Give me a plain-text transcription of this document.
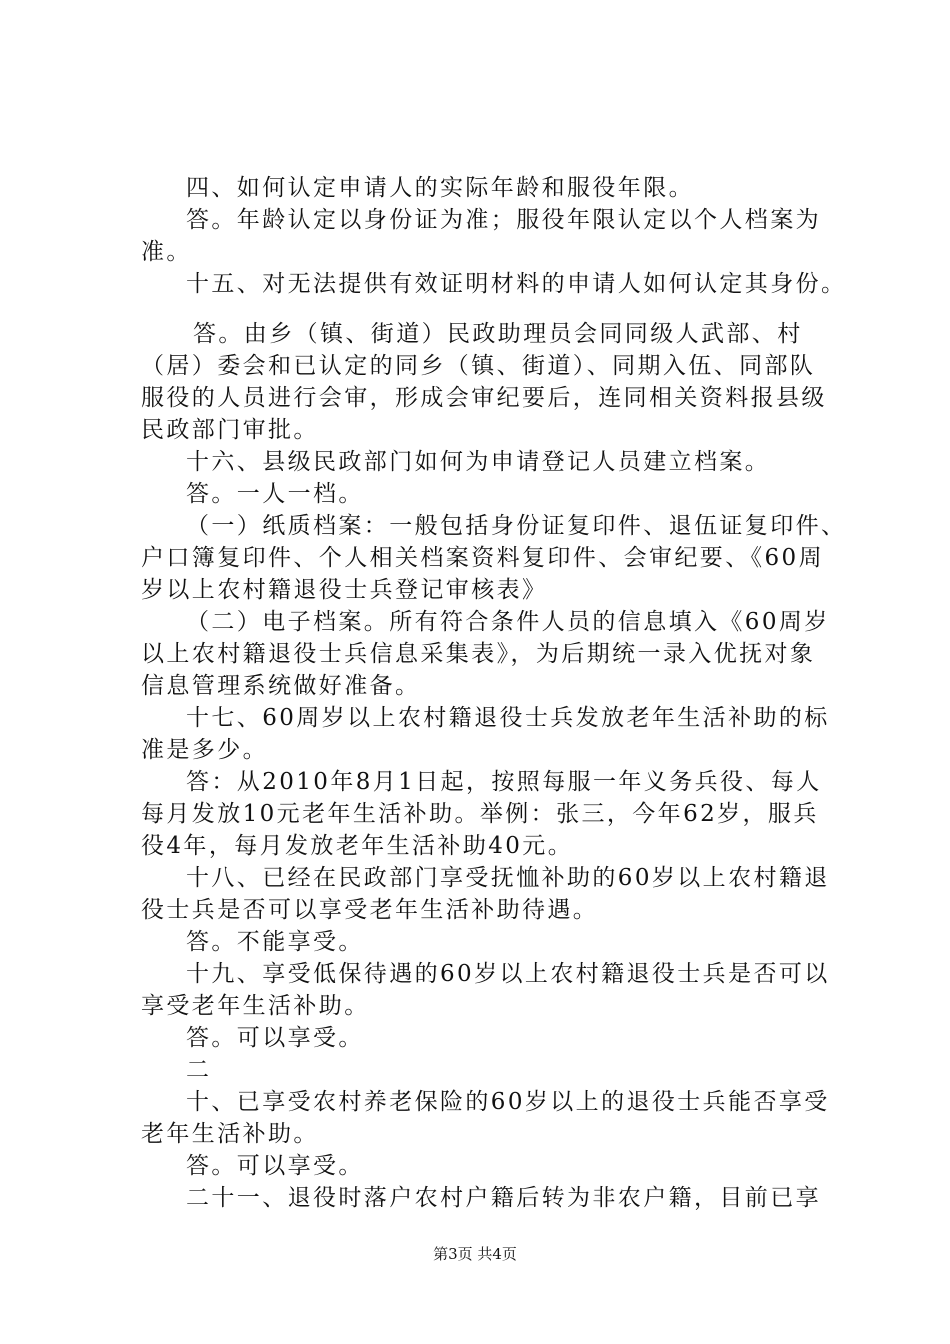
四、如何认定申请人的实际年龄和服役年限。
答。年龄认定以身份证为准；服役年限认定以个人档案为
准。
十五、对无法提供有效证明材料的申请人如何认定其身份。
答。由乡（镇、街道）民政助理员会同同级人武部、村
（居）委会和已认定的同乡（镇、街道）、同期入伍、同部队
服役的人员进行会审，形成会审纪要后，连同相关资料报县级
民政部门审批。
十六、县级民政部门如何为申请登记人员建立档案。
答。一人一档。
（一）纸质档案：一般包括身份证复印件、退伍证复印件、
户口簿复印件、个人相关档案资料复印件、会审纪要、《60周
岁以上农村籍退役士兵登记审核表》
（二）电子档案。所有符合条件人员的信息填入《60周岁
以上农村籍退役士兵信息采集表》，为后期统一录入优抚对象
信息管理系统做好准备。
十七、60周岁以上农村籍退役士兵发放老年生活补助的标
准是多少。
答：从2010年8月1日起，按照每服一年义务兵役、每人
每月发放10元老年生活补助。举例：张三，今年62岁，服兵
役4年，每月发放老年生活补助40元。
十八、已经在民政部门享受抚恤补助的60岁以上农村籍退
役士兵是否可以享受老年生活补助待遇。
答。不能享受。
十九、享受低保待遇的60岁以上农村籍退役士兵是否可以
享受老年生活补助。
答。可以享受。
二
十、已享受农村养老保险的60岁以上的退役士兵能否享受
老年生活补助。
答。可以享受。
二十一、退役时落户农村户籍后转为非农户籍，目前已享
第3页 共4页
